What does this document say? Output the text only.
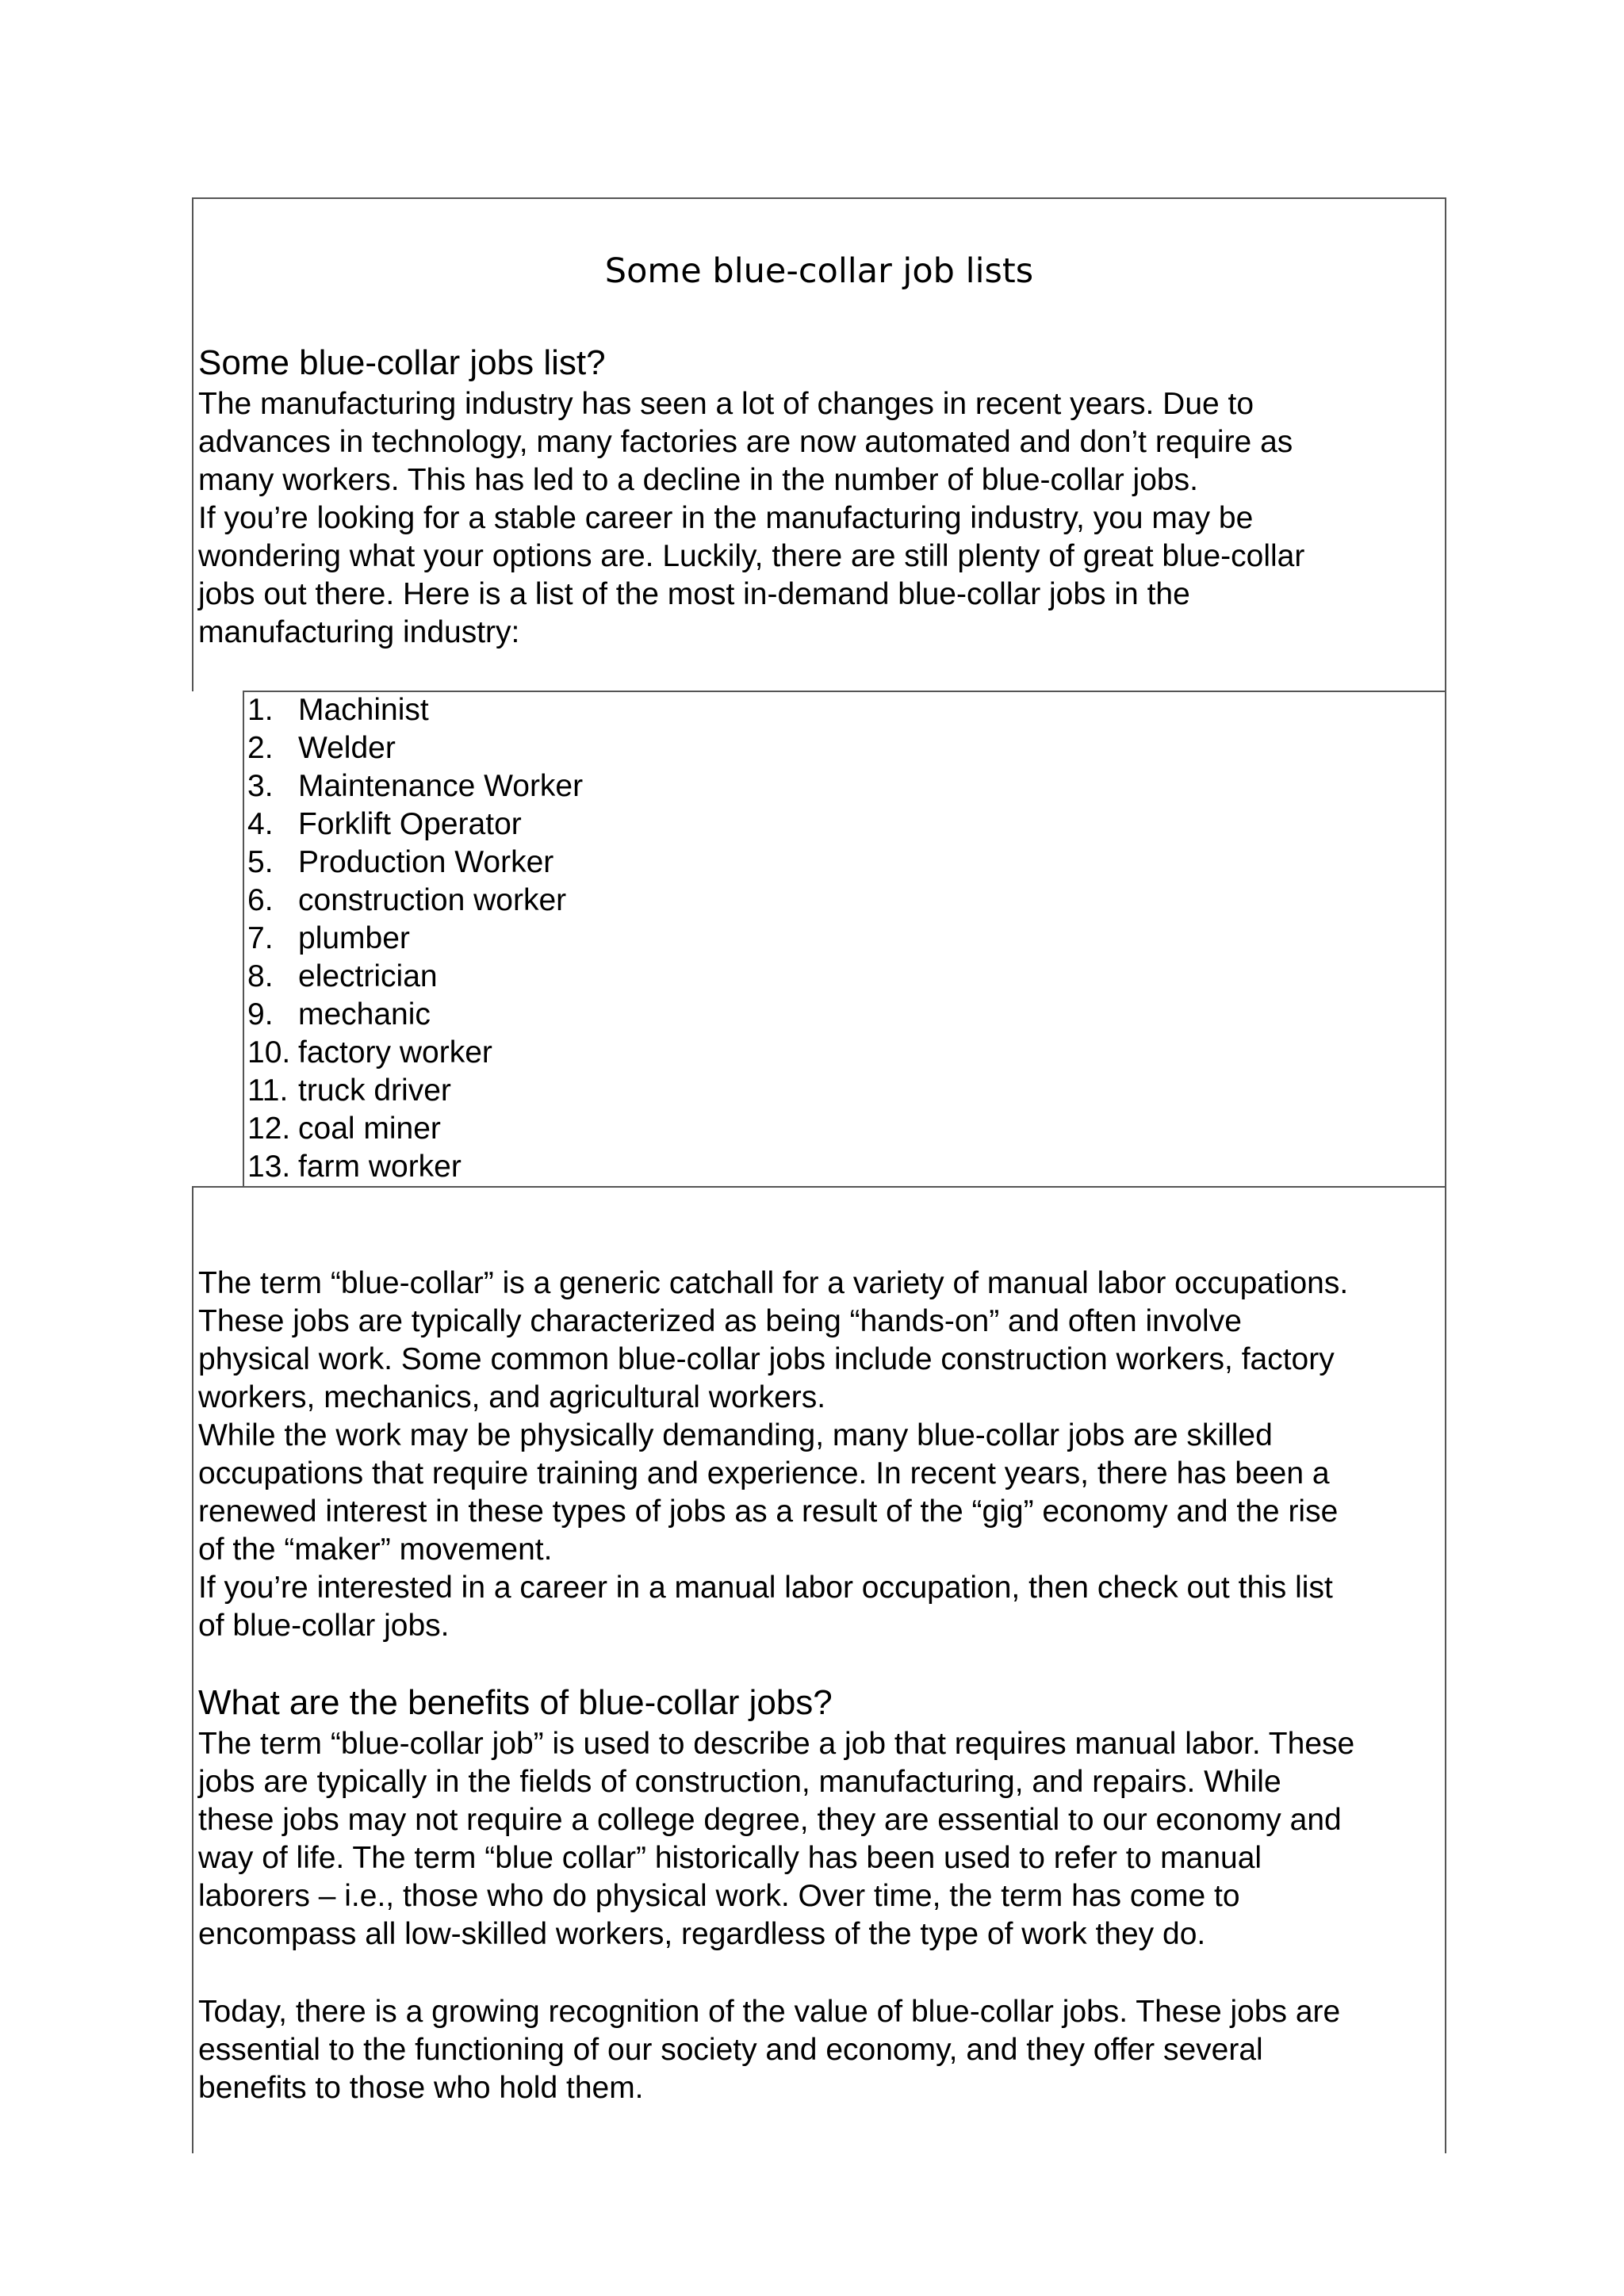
Some blue-collar job lists
Some blue-collar jobs list?

The manufacturing industry has seen a lot of changes in recent years. Due to

advances in technology, many factories are now automated and don’t require as

many workers. This has led to a decline in the number of blue-collar jobs.

If you’re looking for a stable career in the manufacturing industry, you may be

wondering what your options are. Luckily, there are still plenty of great blue-collar

jobs out there. Here is a list of the most in-demand blue-collar jobs in the

manufacturing industry:

1. Machinist
2. Welder
3. Maintenance Worker
4. Forklift Operator
5. Production Worker
6. construction worker
7. plumber
8. electrician
9. mechanic
10. factory worker
11. truck driver
12. coal miner
13. farm worker

The term “blue-collar” is a generic catchall for a variety of manual labor occupations.

These jobs are typically characterized as being “hands-on” and often involve

physical work. Some common blue-collar jobs include construction workers, factory

workers, mechanics, and agricultural workers.

While the work may be physically demanding, many blue-collar jobs are skilled

occupations that require training and experience. In recent years, there has been a

renewed interest in these types of jobs as a result of the “gig” economy and the rise

of the “maker” movement.

If you’re interested in a career in a manual labor occupation, then check out this list

of blue-collar jobs.

What are the benefits of blue-collar jobs?

The term “blue-collar job” is used to describe a job that requires manual labor. These

jobs are typically in the fields of construction, manufacturing, and repairs. While

these jobs may not require a college degree, they are essential to our economy and

way of life. The term “blue collar” historically has been used to refer to manual

laborers – i.e., those who do physical work. Over time, the term has come to

encompass all low-skilled workers, regardless of the type of work they do.

Today, there is a growing recognition of the value of blue-collar jobs. These jobs are

essential to the functioning of our society and economy, and they offer several

benefits to those who hold them.
